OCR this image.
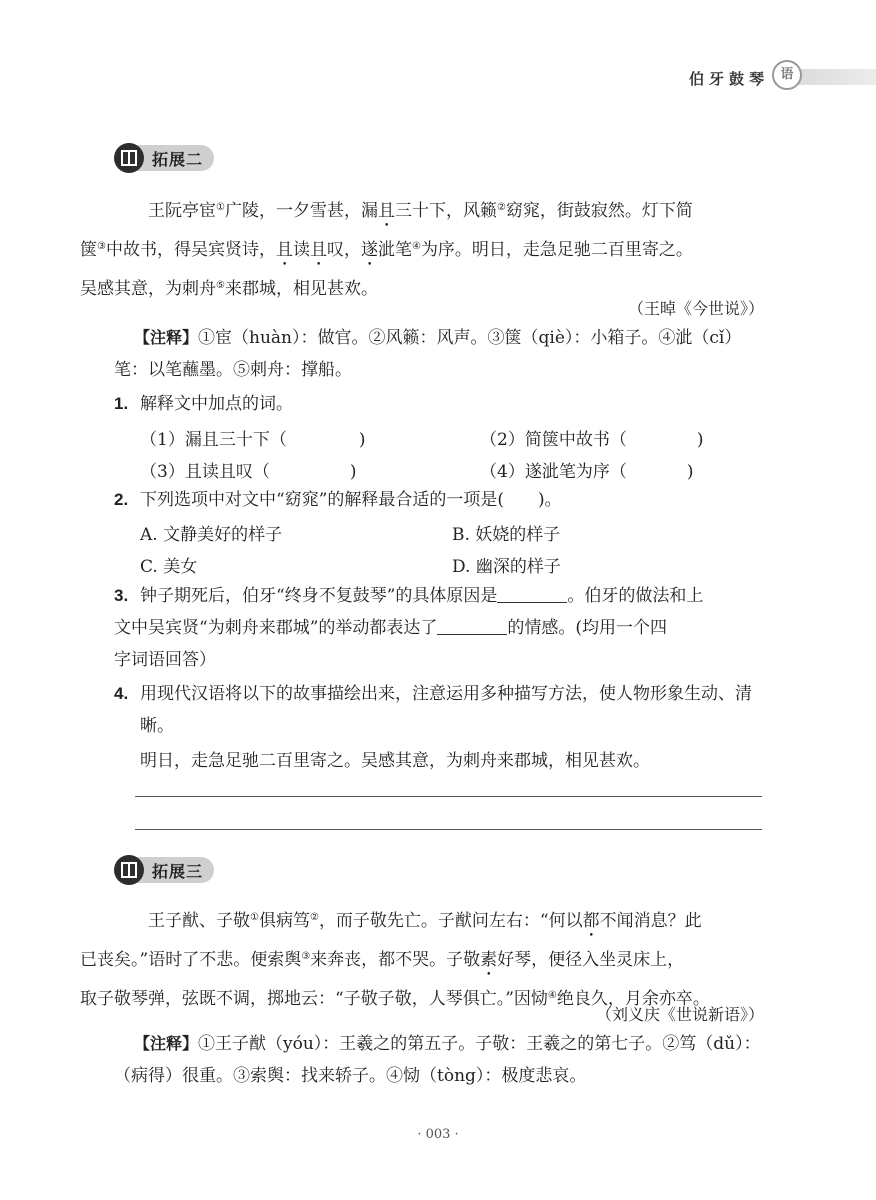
伯牙鼓琴 语
拓展二
王阮亭宦①广陵，一夕雪甚，漏且三十下，风籁②窈窕，街鼓寂然。灯下简
箧③中故书，得吴宾贤诗，且读且叹，遂泚笔④为序。明日，走急足驰二百里寄之。
吴感其意，为刺舟⑤来郡城，相见甚欢。
（王晫《今世说》）
【注释】①宦（huàn）：做官。②风籁：风声。③箧（qiè）：小箱子。④泚（cǐ）笔：以笔蘸墨。⑤刺舟：撑船。
1. 解释文中加点的词。
（1）漏且三十下（	)	（2）简箧中故书（	)
（3）且读且叹（	)	（4）遂泚笔为序（	)
2. 下列选项中对文中“窈窕”的解释最合适的一项是(　　)。
A. 文静美好的样子	B. 妖娆的样子
C. 美女	D. 幽深的样子
3. 钟子期死后，伯牙“终身不复鼓琴”的具体原因是	。伯牙的做法和上
文中吴宾贤“为刺舟来郡城”的举动都表达了	的情感。(均用一个四
字词语回答）
4. 用现代汉语将以下的故事描绘出来，注意运用多种描写方法，使人物形象生动、清晰。
明日，走急足驰二百里寄之。吴感其意，为刺舟来郡城，相见甚欢。
拓展三
王子猷、子敬①俱病笃②，而子敬先亡。子猷问左右：“何以都不闻消息？此
已丧矣。”语时了不悲。便索舆③来奔丧，都不哭。子敬素好琴，便径入坐灵床上，
取子敬琴弹，弦既不调，掷地云：“子敬子敬，人琴俱亡。”因恸④绝良久，月余亦卒。
（刘义庆《世说新语》）
【注释】①王子猷（yóu）：王羲之的第五子。子敬：王羲之的第七子。②笃（dǔ）：（病得）很重。③索舆：找来轿子。④恸（tòng）：极度悲哀。
· 003 ·
